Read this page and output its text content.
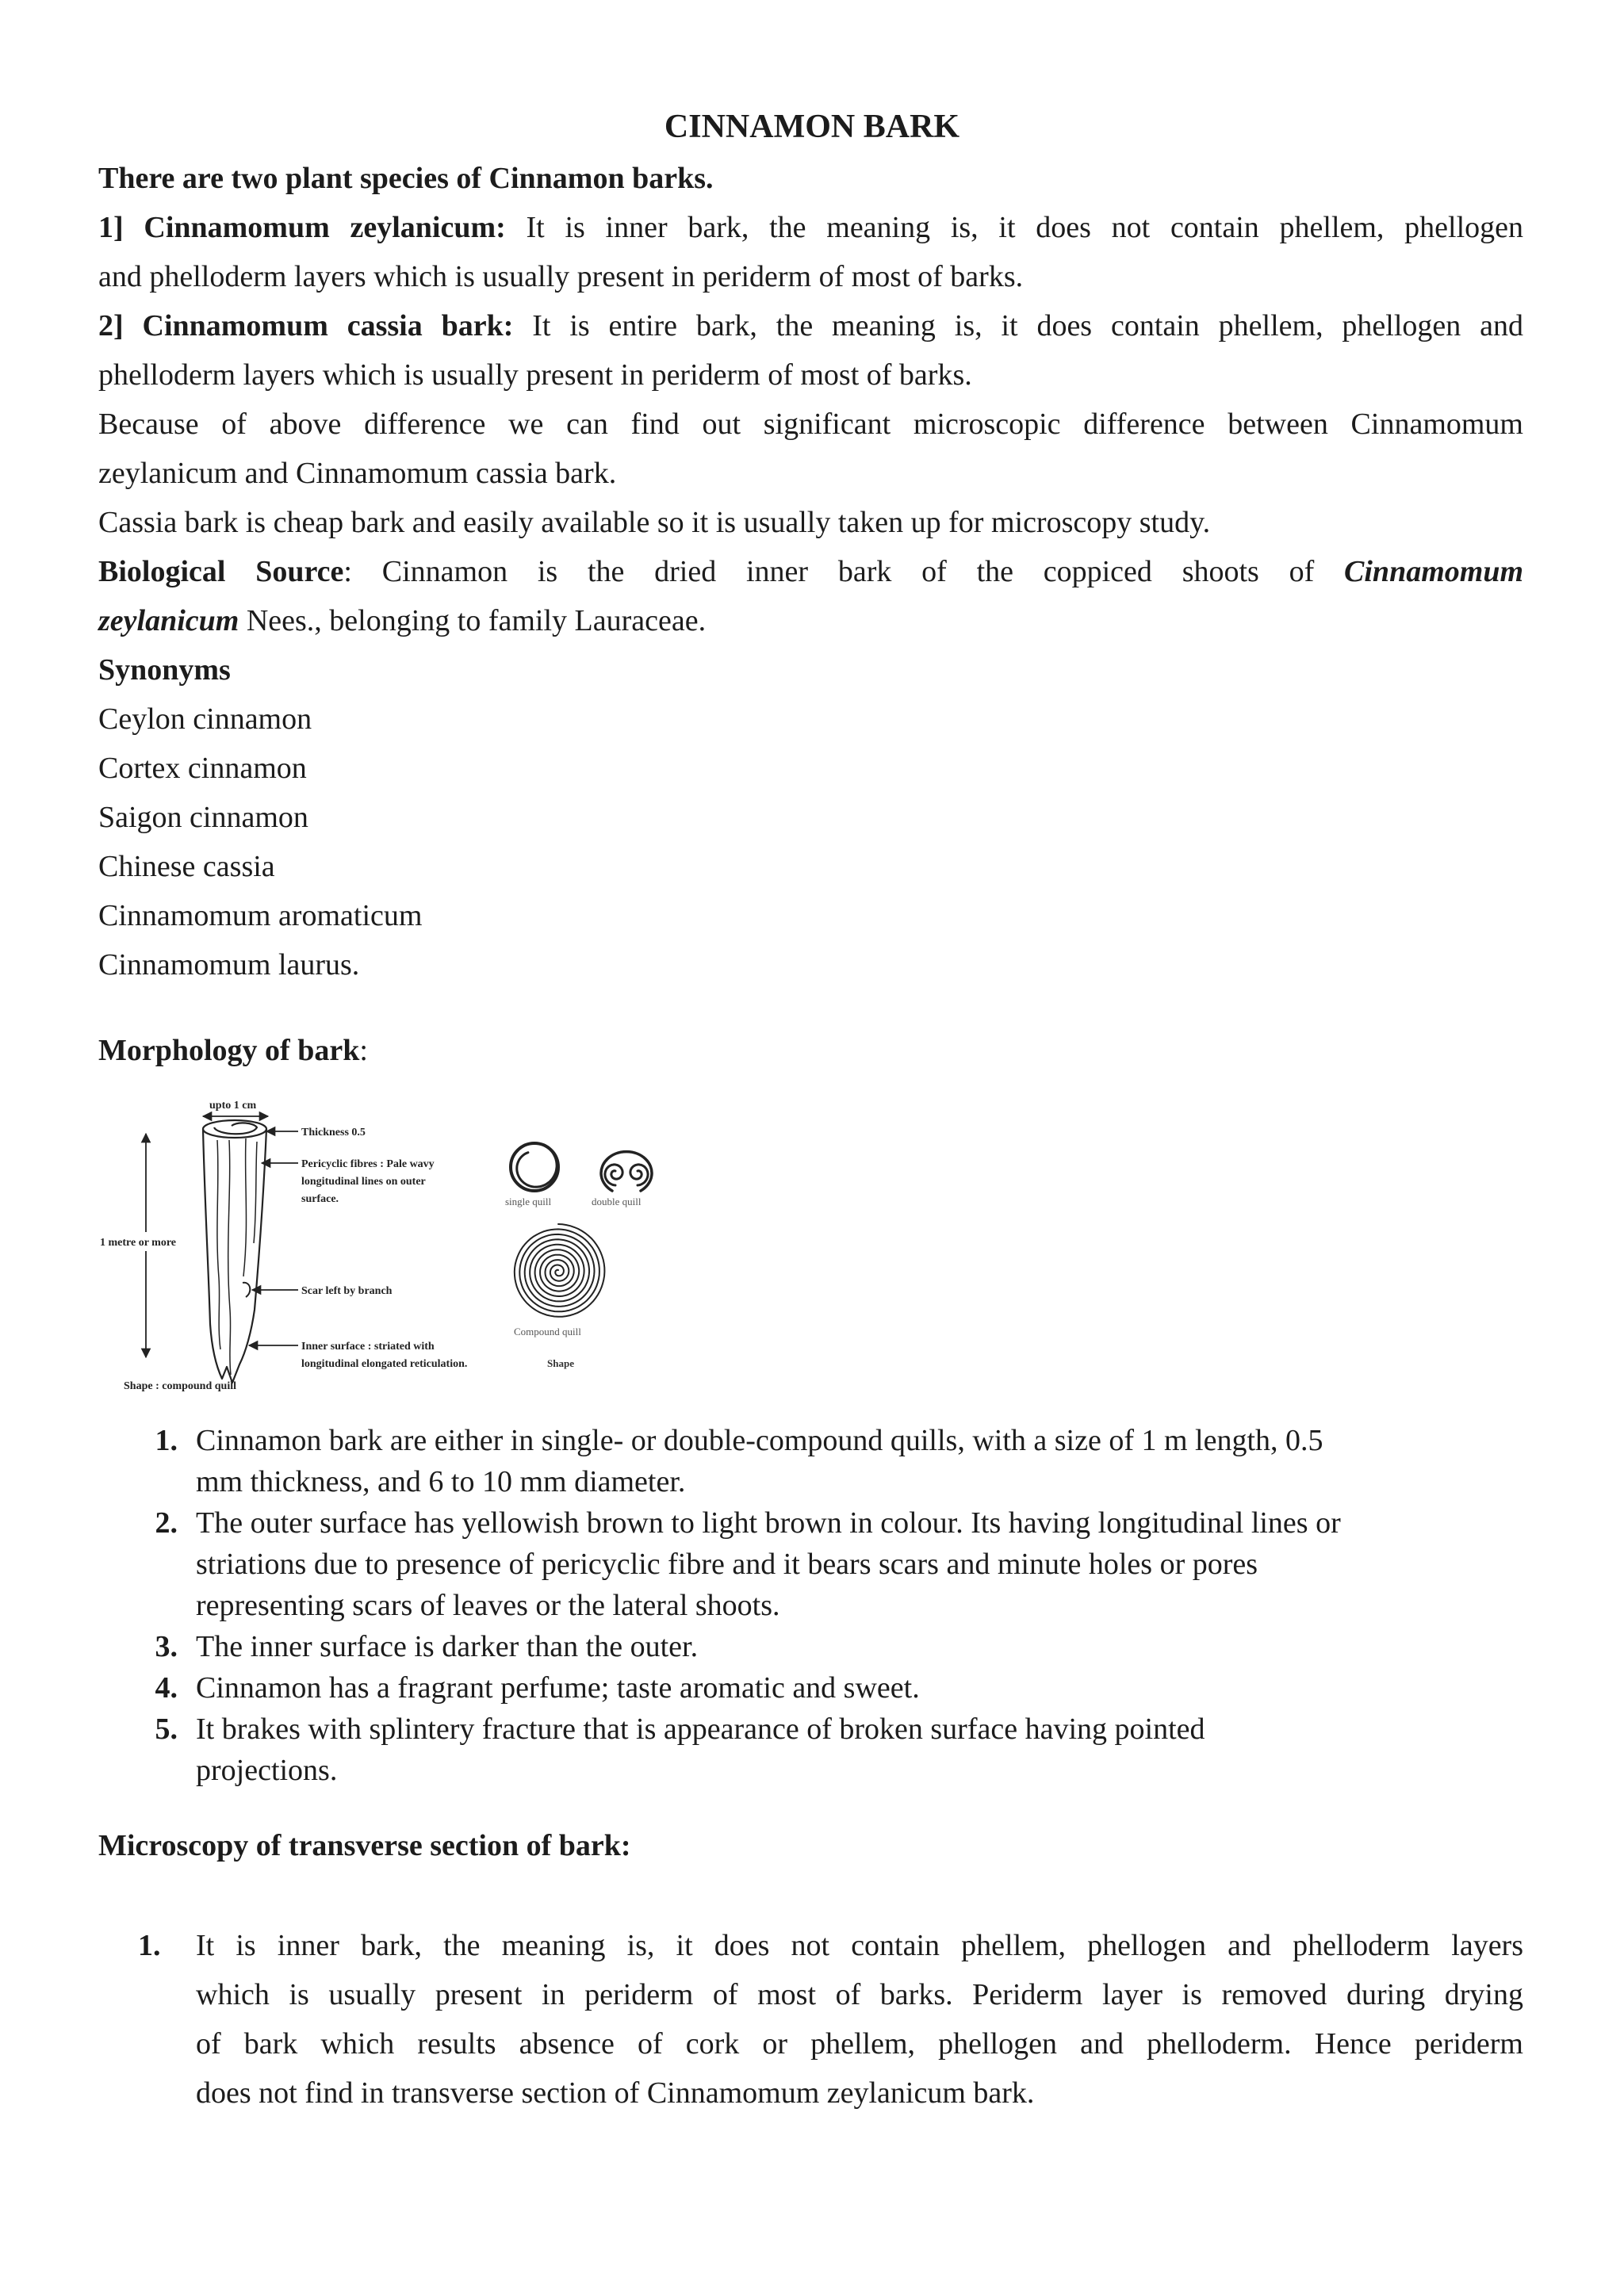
CINNAMON BARK
There are two plant species of Cinnamon barks.
1] Cinnamomum zeylanicum: It is inner bark, the meaning is, it does not contain phellem, phellogen
and phelloderm layers which is usually present in periderm of most of barks.
2] Cinnamomum cassia bark: It is entire bark, the meaning is, it does contain phellem, phellogen and
phelloderm layers which is usually present in periderm of most of barks.
Because of above difference we can find out significant microscopic difference between Cinnamomum
zeylanicum and Cinnamomum cassia bark.
Cassia bark is cheap bark and easily available so it is usually taken up for microscopy study.
Biological Source: Cinnamon is the dried inner bark of the coppiced shoots of Cinnamomum
zeylanicum Nees., belonging to family Lauraceae.
Synonyms
Ceylon cinnamon
Cortex cinnamon
Saigon cinnamon
Chinese cassia
Cinnamomum aromaticum
Cinnamomum laurus.
Morphology of bark:
upto 1 cm
Thickness 0.5
Pericyclic fibres : Pale wavy
longitudinal lines on outer
surface.
1 metre or more
Scar left by branch
Inner surface : striated with
longitudinal elongated reticulation.
Shape : compound quill
single quill	double quill
Compound quill
Shape
1. Cinnamon bark are either in single- or double-compound quills, with a size of 1 m length, 0.5
mm thickness, and 6 to 10 mm diameter.
2. The outer surface has yellowish brown to light brown in colour. Its having longitudinal lines or
striations due to presence of pericyclic fibre and it bears scars and minute holes or pores
representing scars of leaves or the lateral shoots.
3. The inner surface is darker than the outer.
4. Cinnamon has a fragrant perfume; taste aromatic and sweet.
5. It brakes with splintery fracture that is appearance of broken surface having pointed
projections.
Microscopy of transverse section of bark:
1.	It is inner bark, the meaning is, it does not contain phellem, phellogen and phelloderm layers
which is usually present in periderm of most of barks. Periderm layer is removed during drying
of bark which results absence of cork or phellem, phellogen and phelloderm. Hence periderm
does not find in transverse section of Cinnamomum zeylanicum bark.
